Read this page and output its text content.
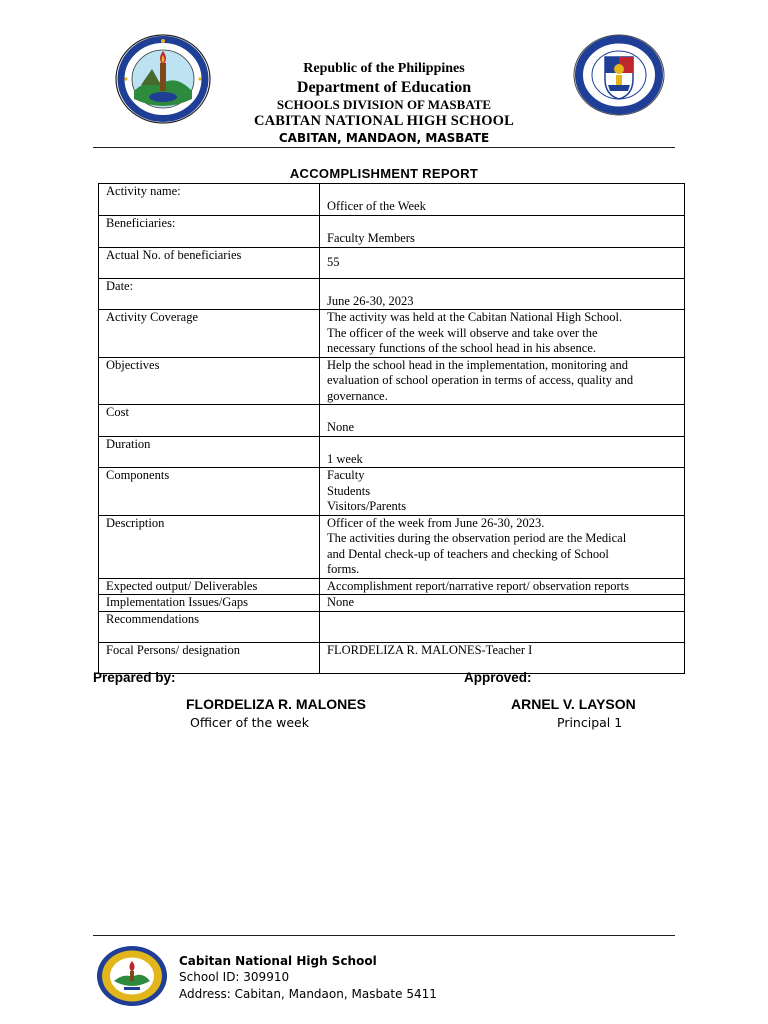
Republic of the Philippines
Department of Education
SCHOOLS DIVISION OF MASBATE
CABITAN NATIONAL HIGH SCHOOL
CABITAN, MANDAON, MASBATE
ACCOMPLISHMENT REPORT
Activity name:	Officer of the Week

Beneficiaries:	Faculty Members

Actual No. of beneficiaries	55

Date:	June 26-30, 2023

Activity Coverage	The activity was held at the Cabitan National High School.
The officer of the week will observe and take over the
necessary functions of the school head in his absence.

Objectives	Help the school head in the implementation, monitoring and
evaluation of school operation in terms of access, quality and
governance.

Cost	None

Duration	1 week

Components	Faculty
Students
Visitors/Parents

Description	Officer of the week from June 26-30, 2023.
The activities during the observation period are the Medical
and Dental check-up of teachers and checking of School
forms.

Expected output/ Deliverables	Accomplishment report/narrative report/ observation reports

Implementation Issues/Gaps	None

Recommendations	

Focal Persons/ designation	FLORDELIZA R. MALONES-Teacher I
Prepared by:	Approved:
FLORDELIZA R. MALONES
Officer of the week
ARNEL V. LAYSON
Principal 1
Cabitan National High School
School ID: 309910
Address: Cabitan, Mandaon, Masbate 5411
